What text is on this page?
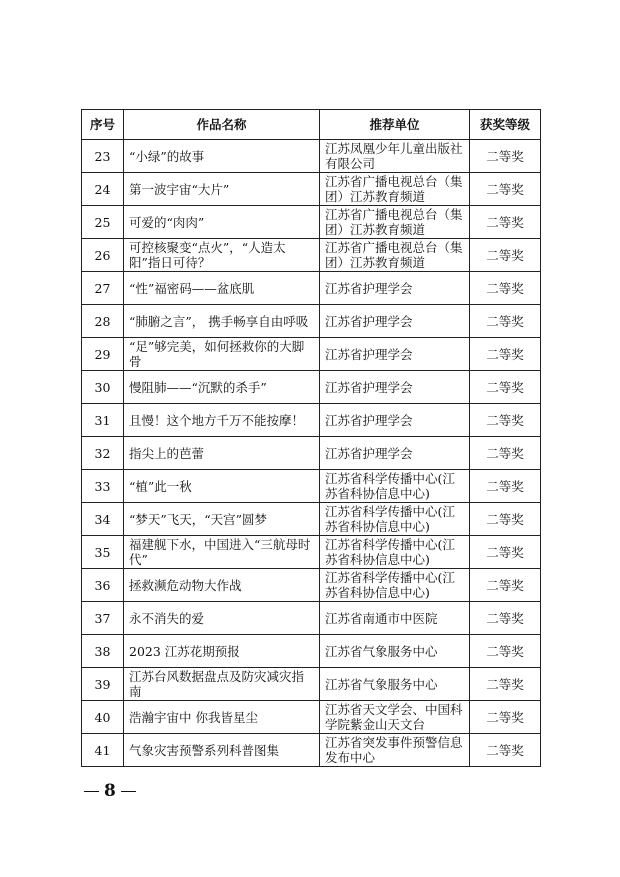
序号	作品名称	推荐单位	获奖等级
23	“小绿”的故事	江苏凤凰少年儿童出版社有限公司	二等奖
24	第一波宇宙“大片”	江苏省广播电视总台（集团）江苏教育频道	二等奖
25	可爱的“肉肉”	江苏省广播电视总台（集团）江苏教育频道	二等奖
26	可控核聚变“点火”，“人造太阳”指日可待？	江苏省广播电视总台（集团）江苏教育频道	二等奖
27	“性”福密码——盆底肌	江苏省护理学会	二等奖
28	“肺腑之言”， 携手畅享自由呼吸	江苏省护理学会	二等奖
29	“足”够完美，如何拯救你的大脚骨	江苏省护理学会	二等奖
30	慢阻肺——“沉默的杀手”	江苏省护理学会	二等奖
31	且慢！这个地方千万不能按摩！	江苏省护理学会	二等奖
32	指尖上的芭蕾	江苏省护理学会	二等奖
33	“植”此一秋	江苏省科学传播中心(江苏省科协信息中心)	二等奖
34	“梦天”飞天，“天宫”圆梦	江苏省科学传播中心(江苏省科协信息中心)	二等奖
35	福建舰下水，中国进入“三航母时代”	江苏省科学传播中心(江苏省科协信息中心)	二等奖
36	拯救濒危动物大作战	江苏省科学传播中心(江苏省科协信息中心)	二等奖
37	永不消失的爱	江苏省南通市中医院	二等奖
38	2023 江苏花期预报	江苏省气象服务中心	二等奖
39	江苏台风数据盘点及防灾减灾指南	江苏省气象服务中心	二等奖
40	浩瀚宇宙中 你我皆星尘	江苏省天文学会、中国科学院紫金山天文台	二等奖
41	气象灾害预警系列科普图集	江苏省突发事件预警信息发布中心	二等奖
8
